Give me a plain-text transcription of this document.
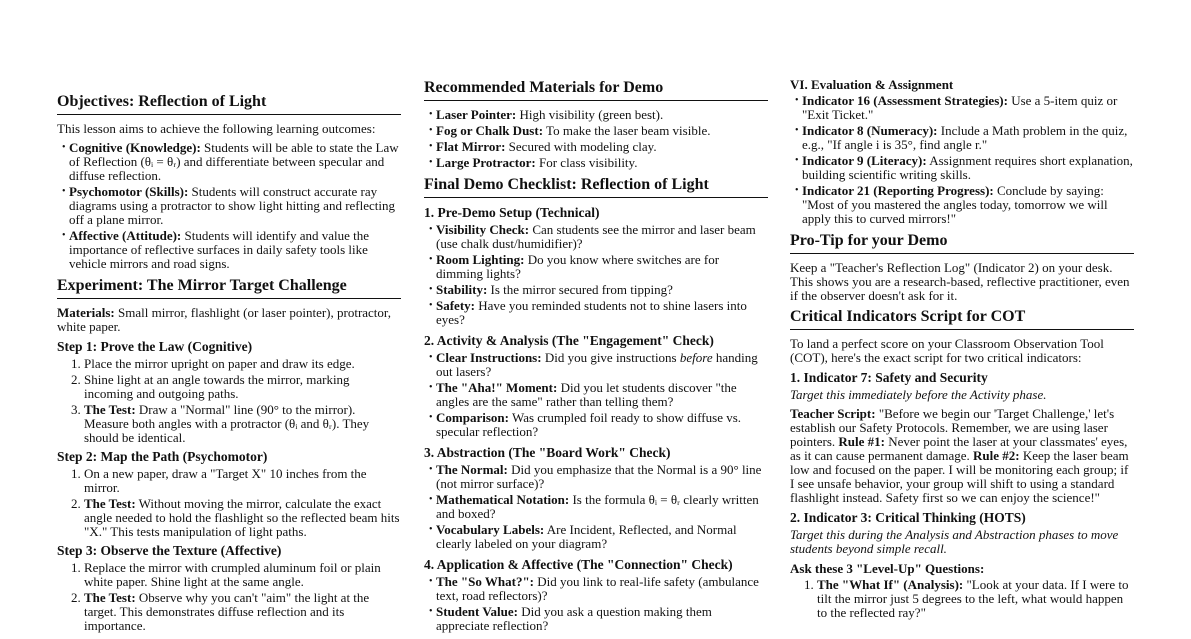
Objectives: Reflection of Light

This lesson aims to achieve the following learning outcomes:

• Cognitive (Knowledge): Students will be able to state the Law of Reflection (θᵢ = θᵣ) and differentiate between specular and diffuse reflection.
• Psychomotor (Skills): Students will construct accurate ray diagrams using a protractor to show light hitting and reflecting off a plane mirror.
• Affective (Attitude): Students will identify and value the importance of reflective surfaces in daily safety tools like vehicle mirrors and road signs.
Experiment: The Mirror Target Challenge

Materials: Small mirror, flashlight (or laser pointer), protractor, white paper.

Step 1: Prove the Law (Cognitive)
1. Place the mirror upright on paper and draw its edge.
2. Shine light at an angle towards the mirror, marking incoming and outgoing paths.
3. The Test: Draw a "Normal" line (90° to the mirror). Measure both angles with a protractor (θᵢ and θᵣ). They should be identical.
Step 2: Map the Path (Psychomotor)
1. On a new paper, draw a "Target X" 10 inches from the mirror.
2. The Test: Without moving the mirror, calculate the exact angle needed to hold the flashlight so the reflected beam hits "X." This tests manipulation of light paths.
Step 3: Observe the Texture (Affective)
1. Replace the mirror with crumpled aluminum foil or plain white paper. Shine light at the same angle.
2. The Test: Observe why you can't "aim" the light at the target. This demonstrates diffuse reflection and its importance.
Recommended Materials for Demo
• Laser Pointer: High visibility (green best).
• Fog or Chalk Dust: To make the laser beam visible.
• Flat Mirror: Secured with modeling clay.
• Large Protractor: For class visibility.
Final Demo Checklist: Reflection of Light
1. Pre-Demo Setup (Technical)
• Visibility Check: Can students see the mirror and laser beam (use chalk dust/humidifier)?
• Room Lighting: Do you know where switches are for dimming lights?
• Stability: Is the mirror secured from tipping?
• Safety: Have you reminded students not to shine lasers into eyes?
2. Activity & Analysis (The "Engagement" Check)
• Clear Instructions: Did you give instructions before handing out lasers?
• The "Aha!" Moment: Did you let students discover "the angles are the same" rather than telling them?
• Comparison: Was crumpled foil ready to show diffuse vs. specular reflection?
3. Abstraction (The "Board Work" Check)
• The Normal: Did you emphasize that the Normal is a 90° line (not mirror surface)?
• Mathematical Notation: Is the formula θᵢ = θᵣ clearly written and boxed?
• Vocabulary Labels: Are Incident, Reflected, and Normal clearly labeled on your diagram?
4. Application & Affective (The "Connection" Check)
• The "So What?": Did you link to real-life safety (ambulance text, road reflectors)?
• Student Value: Did you ask a question making them appreciate reflection?
VI. Evaluation & Assignment
• Indicator 16 (Assessment Strategies): Use a 5-item quiz or "Exit Ticket."
• Indicator 8 (Numeracy): Include a Math problem in the quiz, e.g., "If angle i is 35°, find angle r."
• Indicator 9 (Literacy): Assignment requires short explanation, building scientific writing skills.
• Indicator 21 (Reporting Progress): Conclude by saying: "Most of you mastered the angles today, tomorrow we will apply this to curved mirrors!"
Pro-Tip for your Demo

Keep a "Teacher's Reflection Log" (Indicator 2) on your desk. This shows you are a research-based, reflective practitioner, even if the observer doesn't ask for it.

Critical Indicators Script for COT

To land a perfect score on your Classroom Observation Tool (COT), here's the exact script for two critical indicators:

1. Indicator 7: Safety and Security

Target this immediately before the Activity phase.

Teacher Script: "Before we begin our 'Target Challenge,' let's establish our Safety Protocols. Remember, we are using laser pointers. Rule #1: Never point the laser at your classmates' eyes, as it can cause permanent damage. Rule #2: Keep the laser beam low and focused on the paper. I will be monitoring each group; if I see unsafe behavior, your group will shift to using a standard flashlight instead. Safety first so we can enjoy the science!"

2. Indicator 3: Critical Thinking (HOTS)

Target this during the Analysis and Abstraction phases to move students beyond simple recall.

Ask these 3 "Level-Up" Questions:
1. The "What If" (Analysis): "Look at your data. If I were to tilt the mirror just 5 degrees to the left, what would happen to the reflected ray?"
